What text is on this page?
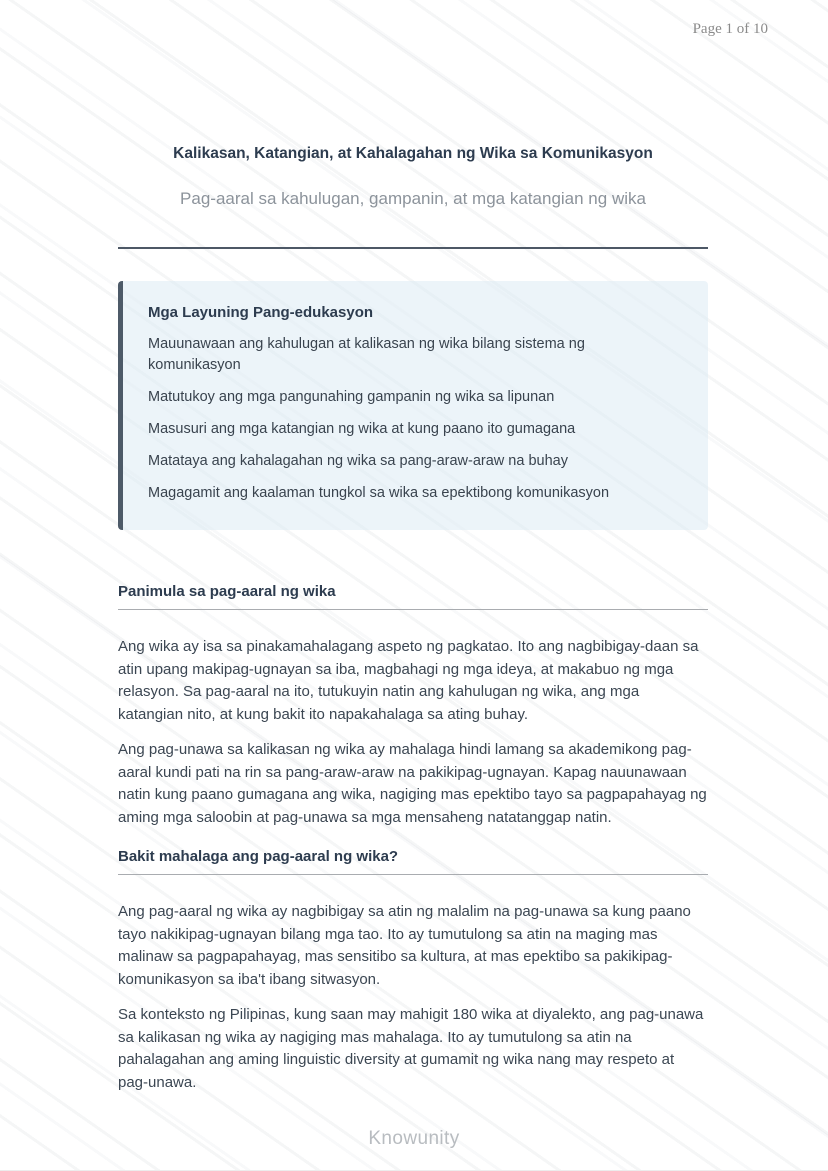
Page 1 of 10
Kalikasan, Katangian, at Kahalagahan ng Wika sa Komunikasyon
Pag-aaral sa kahulugan, gampanin, at mga katangian ng wika
Mga Layuning Pang-edukasyon
Mauunawaan ang kahulugan at kalikasan ng wika bilang sistema ng komunikasyon
Matutukoy ang mga pangunahing gampanin ng wika sa lipunan
Masusuri ang mga katangian ng wika at kung paano ito gumagana
Matataya ang kahalagahan ng wika sa pang-araw-araw na buhay
Magagamit ang kaalaman tungkol sa wika sa epektibong komunikasyon
Panimula sa pag-aaral ng wika

Ang wika ay isa sa pinakamahalagang aspeto ng pagkatao. Ito ang nagbibigay-daan sa atin upang makipag-ugnayan sa iba, magbahagi ng mga ideya, at makabuo ng mga relasyon. Sa pag-aaral na ito, tutukuyin natin ang kahulugan ng wika, ang mga katangian nito, at kung bakit ito napakahalaga sa ating buhay.

Ang pag-unawa sa kalikasan ng wika ay mahalaga hindi lamang sa akademikong pag-aaral kundi pati na rin sa pang-araw-araw na pakikipag-ugnayan. Kapag nauunawaan natin kung paano gumagana ang wika, nagiging mas epektibo tayo sa pagpapahayag ng aming mga saloobin at pag-unawa sa mga mensaheng natatanggap natin.

Bakit mahalaga ang pag-aaral ng wika?

Ang pag-aaral ng wika ay nagbibigay sa atin ng malalim na pag-unawa sa kung paano tayo nakikipag-ugnayan bilang mga tao. Ito ay tumutulong sa atin na maging mas malinaw sa pagpapahayag, mas sensitibo sa kultura, at mas epektibo sa pakikipag-komunikasyon sa iba't ibang sitwasyon.

Sa konteksto ng Pilipinas, kung saan may mahigit 180 wika at diyalekto, ang pag-unawa sa kalikasan ng wika ay nagiging mas mahalaga. Ito ay tumutulong sa atin na pahalagahan ang aming linguistic diversity at gumamit ng wika nang may respeto at pag-unawa.

Knowunity
